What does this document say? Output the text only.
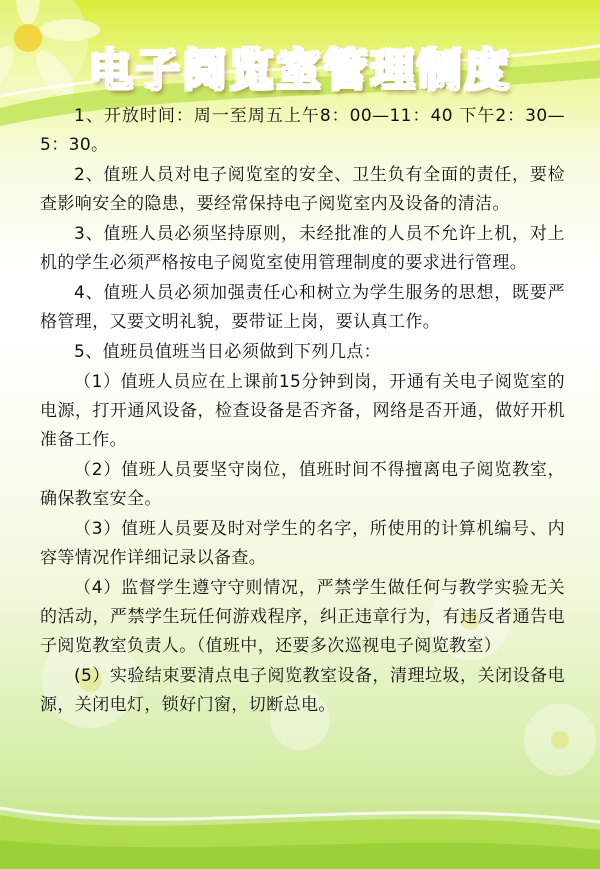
电子阅览室管理制度

1、开放时间：周一至周五上午8：00—11：40 下午2：30—5：30。

2、值班人员对电子阅览室的安全、卫生负有全面的责任，要检查影响安全的隐患，要经常保持电子阅览室内及设备的清洁。

3、值班人员必须坚持原则，未经批准的人员不允许上机，对上机的学生必须严格按电子阅览室使用管理制度的要求进行管理。

4、值班人员必须加强责任心和树立为学生服务的思想，既要严格管理，又要文明礼貌，要带证上岗，要认真工作。

5、值班员值班当日必须做到下列几点：

（1）值班人员应在上课前15分钟到岗，开通有关电子阅览室的电源，打开通风设备，检查设备是否齐备，网络是否开通，做好开机准备工作。

（2）值班人员要坚守岗位，值班时间不得擅离电子阅览教室，确保教室安全。

（3）值班人员要及时对学生的名字，所使用的计算机编号、内容等情况作详细记录以备查。

（4）监督学生遵守守则情况，严禁学生做任何与教学实验无关的活动，严禁学生玩任何游戏程序，纠正违章行为，有违反者通告电子阅览教室负责人。（值班中，还要多次巡视电子阅览教室）

(5）实验结束要清点电子阅览教室设备，清理垃圾，关闭设备电源，关闭电灯，锁好门窗，切断总电。
